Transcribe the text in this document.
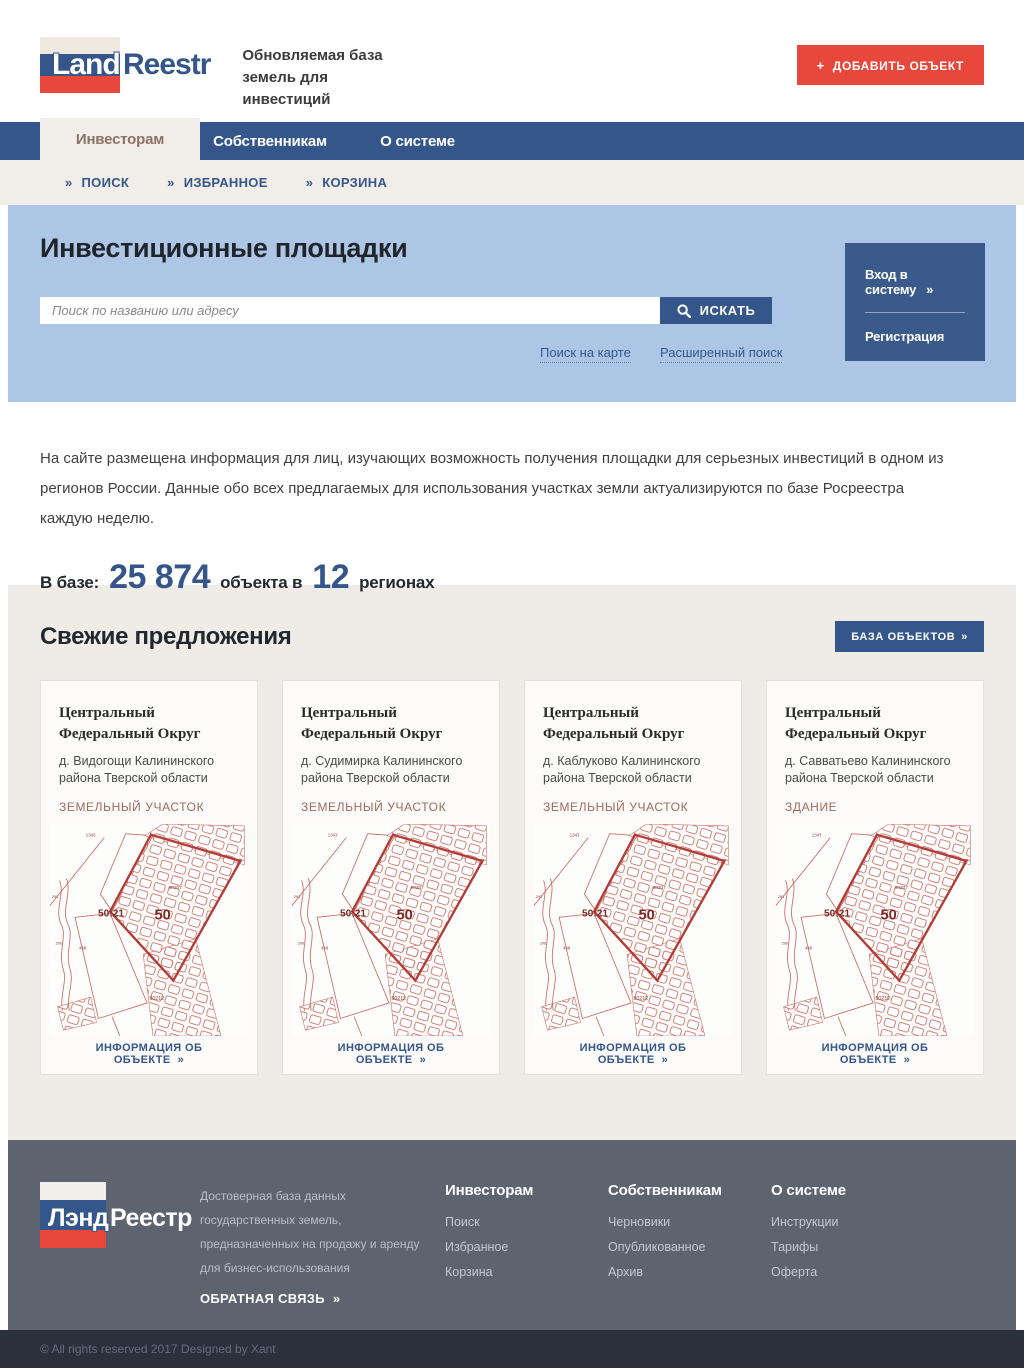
Land Reestr Обновляемая база земель для инвестиций
+ ДОБАВИТЬ ОБЪЕКТ
Инвесторам	Собственникам	О системе
» ПОИСК	» ИЗБРАННОЕ	» КОРЗИНА
Инвестиционные площадки
Поиск по названию или адресу
ИСКАТЬ
Поиск на карте Расширенный поиск
Вход в систему »
Регистрация

На сайте размещена информация для лиц, изучающих возможность получения площадки для серьезных инвестиций в одном из регионов России. Данные обо всех предлагаемых для использования участках земли актуализируются по базе Росреестра каждую неделю.

В базе: 25 874 объекта в 12 регионах
Свежие предложения	БАЗА ОБЪЕКТОВ »
Центральный Федеральный Округ
д. Видогощи Калининского района Тверской области
ЗЕМЕЛЬНЫЙ УЧАСТОК
ИНФОРМАЦИЯ ОБ ОБЪЕКТЕ »
Центральный Федеральный Округ
д. Судимирка Калининского района Тверской области
ЗЕМЕЛЬНЫЙ УЧАСТОК
ИНФОРМАЦИЯ ОБ ОБЪЕКТЕ »
Центральный Федеральный Округ
д. Каблуково Калининского района Тверской области
ЗЕМЕЛЬНЫЙ УЧАСТОК
ИНФОРМАЦИЯ ОБ ОБЪЕКТЕ »
Центральный Федеральный Округ
д. Савватьево Калининского района Тверской области
ЗДАНИЕ
ИНФОРМАЦИЯ ОБ ОБЪЕКТЕ »
Лэнд Реестр
Достоверная база данных государственных земель, предназначенных на продажу и аренду для бизнес-использования ОБРАТНАЯ СВЯЗЬ »
Инвесторам
Поиск
Избранное
Корзина
Собственникам
Черновики
Опубликованное
Архив
О системе
Инструкции
Тарифы
Оферта
© All rights reserved 2017 Designed by Xant
